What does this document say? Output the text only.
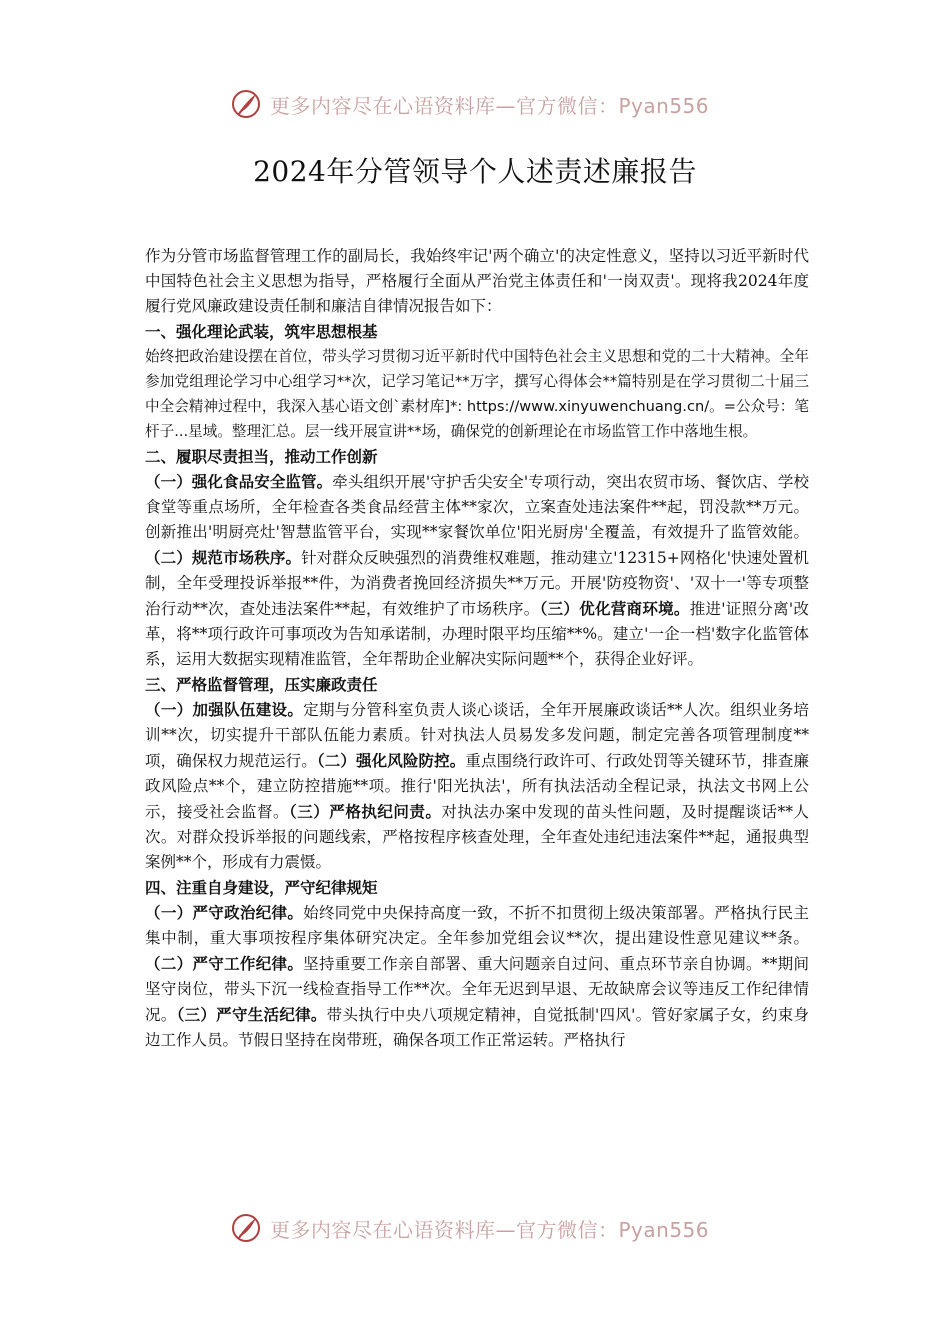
更多内容尽在心语资料库—官方微信：Pyan556
2024年分管领导个人述责述廉报告

作为分管市场监督管理工作的副局长，我始终牢记'两个确立'的决定性意义，坚持以习近平新时代中国特色社会主义思想为指导，严格履行全面从严治党主体责任和'一岗双责'。现将我2024年度履行党风廉政建设责任制和廉洁自律情况报告如下：

一、强化理论武装，筑牢思想根基

始终把政治建设摆在首位，带头学习贯彻习近平新时代中国特色社会主义思想和党的二十大精神。全年参加党组理论学习中心组学习**次，记学习笔记**万字，撰写心得体会**篇特别是在学习贯彻二十届三中全会精神过程中，我深入基心语文创`素材库]*: https://www.xinyuwenchuang.cn/。=公众号：笔杆子...星域。整理汇总。层一线开展宣讲**场，确保党的创新理论在市场监管工作中落地生根。

二、履职尽责担当，推动工作创新

（一）强化食品安全监管。牵头组织开展'守护舌尖安全'专项行动，突出农贸市场、餐饮店、学校食堂等重点场所，全年检查各类食品经营主体**家次，立案查处违法案件**起，罚没款**万元。创新推出'明厨亮灶'智慧监管平台，实现**家餐饮单位'阳光厨房'全覆盖，有效提升了监管效能。（二）规范市场秩序。针对群众反映强烈的消费维权难题，推动建立'12315+网格化'快速处置机制，全年受理投诉举报**件，为消费者挽回经济损失**万元。开展'防疫物资'、'双十一'等专项整治行动**次，查处违法案件**起，有效维护了市场秩序。（三）优化营商环境。推进'证照分离'改革，将**项行政许可事项改为告知承诺制，办理时限平均压缩**%。建立'一企一档'数字化监管体系，运用大数据实现精准监管，全年帮助企业解决实际问题**个，获得企业好评。

三、严格监督管理，压实廉政责任

（一）加强队伍建设。定期与分管科室负责人谈心谈话，全年开展廉政谈话**人次。组织业务培训**次，切实提升干部队伍能力素质。针对执法人员易发多发问题，制定完善各项管理制度**项，确保权力规范运行。（二）强化风险防控。重点围绕行政许可、行政处罚等关键环节，排查廉政风险点**个，建立防控措施**项。推行'阳光执法'，所有执法活动全程记录，执法文书网上公示，接受社会监督。（三）严格执纪问责。对执法办案中发现的苗头性问题，及时提醒谈话**人次。对群众投诉举报的问题线索，严格按程序核查处理，全年查处违纪违法案件**起，通报典型案例**个，形成有力震慑。

四、注重自身建设，严守纪律规矩

（一）严守政治纪律。始终同党中央保持高度一致，不折不扣贯彻上级决策部署。严格执行民主集中制，重大事项按程序集体研究决定。全年参加党组会议**次，提出建设性意见建议**条。（二）严守工作纪律。坚持重要工作亲自部署、重大问题亲自过问、重点环节亲自协调。**期间坚守岗位，带头下沉一线检查指导工作**次。全年无迟到早退、无故缺席会议等违反工作纪律情况。（三）严守生活纪律。带头执行中央八项规定精神，自觉抵制'四风'。管好家属子女，约束身边工作人员。节假日坚持在岗带班，确保各项工作正常运转。严格执行

更多内容尽在心语资料库—官方微信：Pyan556
